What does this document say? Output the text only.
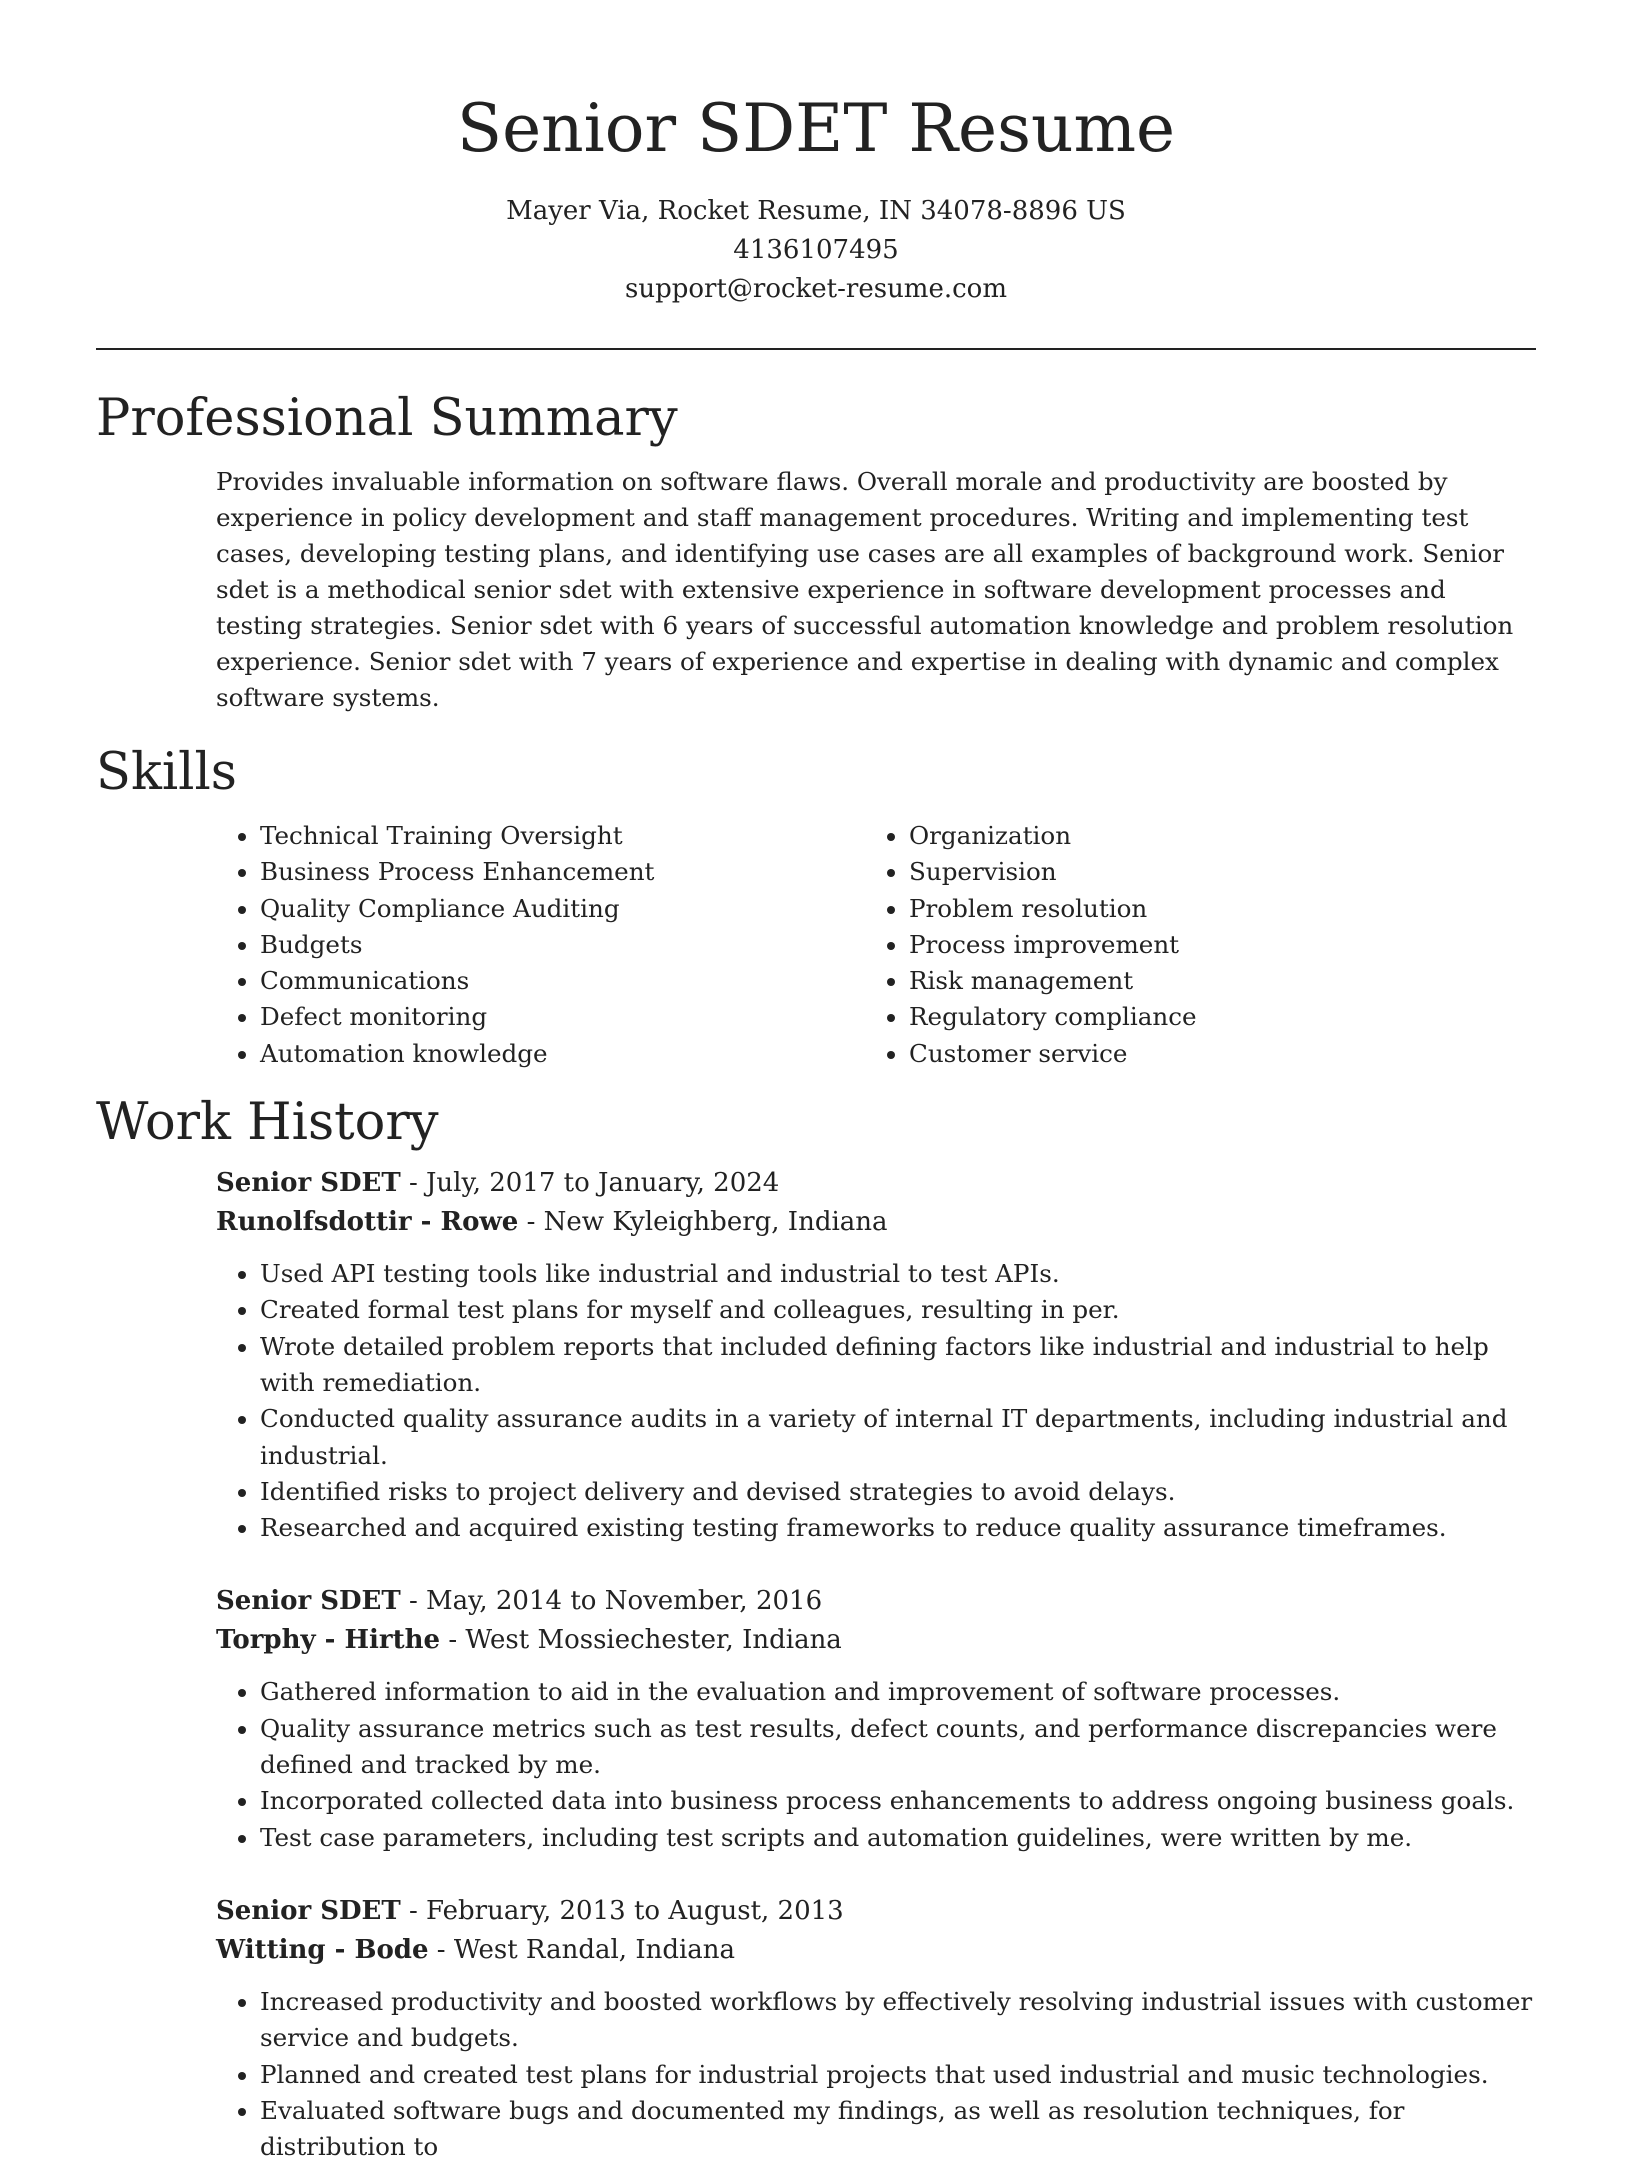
Senior SDET Resume
Mayer Via, Rocket Resume, IN 34078-8896 US
4136107495
support@rocket-resume.com
Professional Summary

Provides invaluable information on software flaws. Overall morale and productivity are boosted by experience in policy development and staff management procedures. Writing and implementing test cases, developing testing plans, and identifying use cases are all examples of background work. Senior sdet is a methodical senior sdet with extensive experience in software development processes and testing strategies. Senior sdet with 6 years of successful automation knowledge and problem resolution experience. Senior sdet with 7 years of experience and expertise in dealing with dynamic and complex software systems.

Skills
• Technical Training Oversight
• Business Process Enhancement
• Quality Compliance Auditing
• Budgets
• Communications
• Defect monitoring
• Automation knowledge
• Organization
• Supervision
• Problem resolution
• Process improvement
• Risk management
• Regulatory compliance
• Customer service
Work History
Senior SDET - July, 2017 to January, 2024
Runolfsdottir - Rowe - New Kyleighberg, Indiana
• Used API testing tools like industrial and industrial to test APIs.
• Created formal test plans for myself and colleagues, resulting in per.
• Wrote detailed problem reports that included defining factors like industrial and industrial to help with remediation.
• Conducted quality assurance audits in a variety of internal IT departments, including industrial and industrial.
• Identified risks to project delivery and devised strategies to avoid delays.
• Researched and acquired existing testing frameworks to reduce quality assurance timeframes.
Senior SDET - May, 2014 to November, 2016
Torphy - Hirthe - West Mossiechester, Indiana
• Gathered information to aid in the evaluation and improvement of software processes.
• Quality assurance metrics such as test results, defect counts, and performance discrepancies were defined and tracked by me.
• Incorporated collected data into business process enhancements to address ongoing business goals.
• Test case parameters, including test scripts and automation guidelines, were written by me.
Senior SDET - February, 2013 to August, 2013
Witting - Bode - West Randal, Indiana
• Increased productivity and boosted workflows by effectively resolving industrial issues with customer service and budgets.
• Planned and created test plans for industrial projects that used industrial and music technologies.
• Evaluated software bugs and documented my findings, as well as resolution techniques, for distribution to
